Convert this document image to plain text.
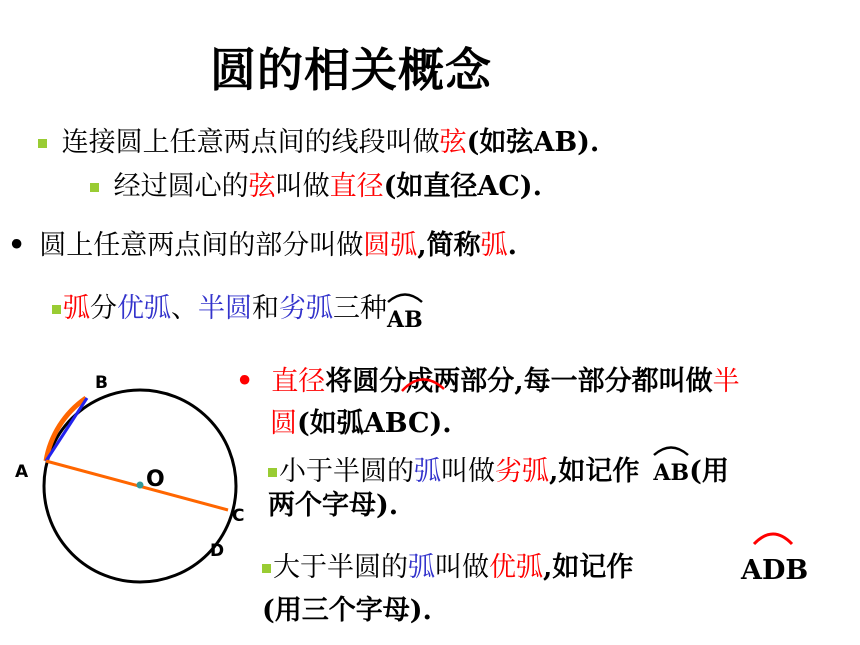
圆的相关概念
连接圆上任意两点间的线段叫做弦(如弦AB).
经过圆心的弦叫做直径(如直径AC).
• 圆上任意两点间的部分叫做圆弧,简称弧.
弧分优弧、半圆和劣弧三种
AB
B
A	O
C
D
• 直径将圆分成两部分,每一部分都叫做半
圆(如弧ABC).
小于半圆的弧叫做劣弧,如记作 AB(用
两个字母).
大于半圆的弧叫做优弧,如记作	ADB
(用三个字母).
